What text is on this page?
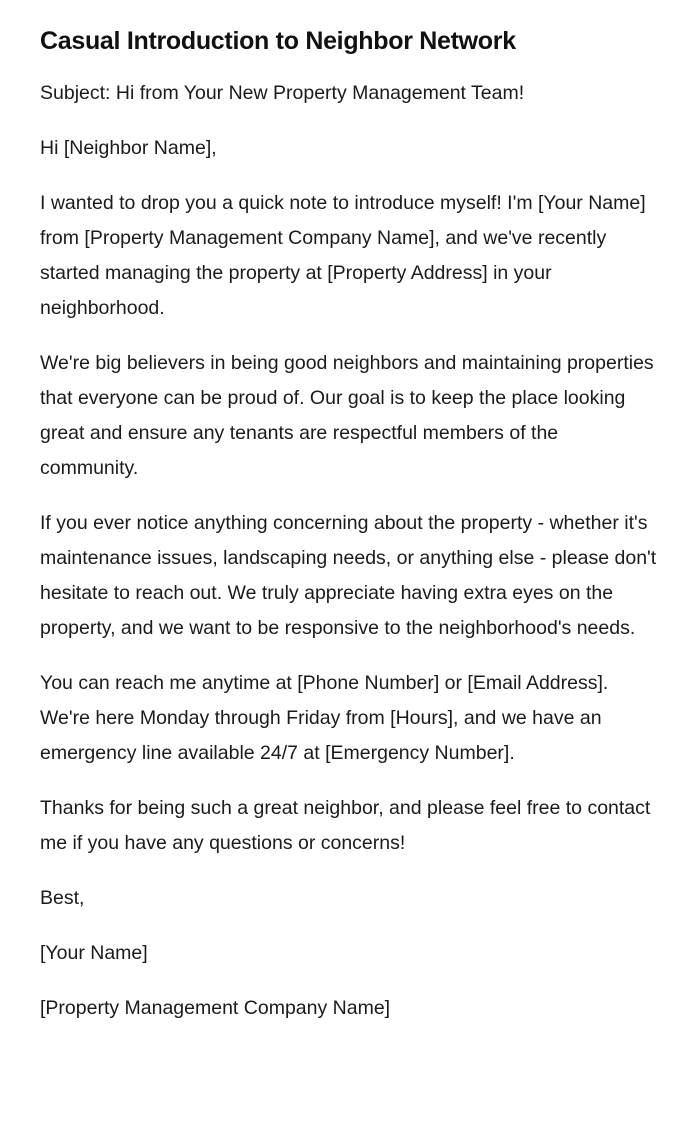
Casual Introduction to Neighbor Network

Subject: Hi from Your New Property Management Team!

Hi [Neighbor Name],

I wanted to drop you a quick note to introduce myself! I'm [Your Name] from [Property Management Company Name], and we've recently started managing the property at [Property Address] in your neighborhood.

We're big believers in being good neighbors and maintaining properties that everyone can be proud of. Our goal is to keep the place looking great and ensure any tenants are respectful members of the community.

If you ever notice anything concerning about the property - whether it's maintenance issues, landscaping needs, or anything else - please don't hesitate to reach out. We truly appreciate having extra eyes on the property, and we want to be responsive to the neighborhood's needs.

You can reach me anytime at [Phone Number] or [Email Address]. We're here Monday through Friday from [Hours], and we have an emergency line available 24/7 at [Emergency Number].

Thanks for being such a great neighbor, and please feel free to contact me if you have any questions or concerns!

Best,

[Your Name]

[Property Management Company Name]
